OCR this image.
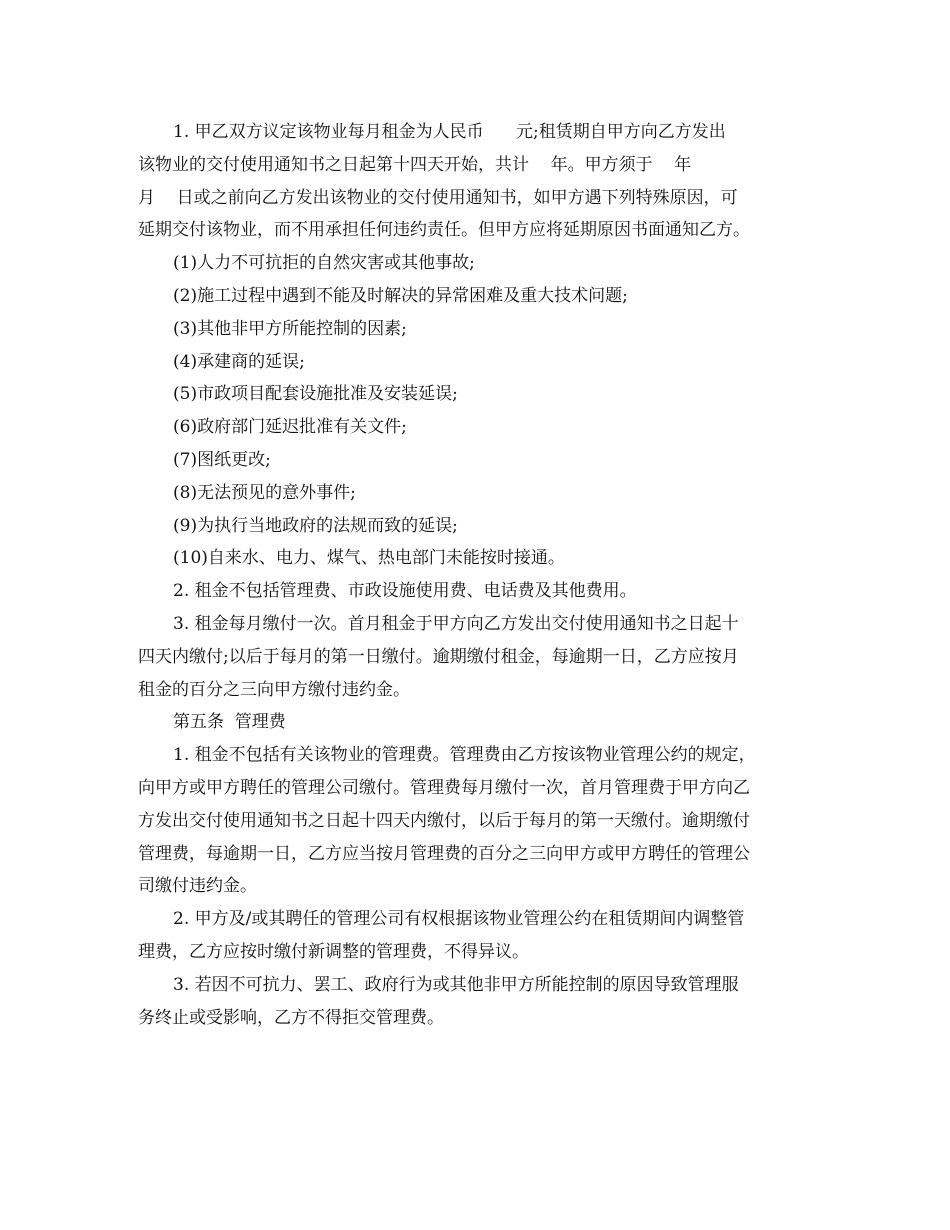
1. 甲乙双方议定该物业每月租金为人民币      元;租赁期自甲方向乙方发出
该物业的交付使用通知书之日起第十四天开始，共计    年。甲方须于    年
月    日或之前向乙方发出该物业的交付使用通知书，如甲方遇下列特殊原因，可
延期交付该物业，而不用承担任何违约责任。但甲方应将延期原因书面通知乙方。
(1)人力不可抗拒的自然灾害或其他事故;
(2)施工过程中遇到不能及时解决的异常困难及重大技术问题;
(3)其他非甲方所能控制的因素;
(4)承建商的延误;
(5)市政项目配套设施批准及安装延误;
(6)政府部门延迟批准有关文件;
(7)图纸更改;
(8)无法预见的意外事件;
(9)为执行当地政府的法规而致的延误;
(10)自来水、电力、煤气、热电部门未能按时接通。
2. 租金不包括管理费、市政设施使用费、电话费及其他费用。
3. 租金每月缴付一次。首月租金于甲方向乙方发出交付使用通知书之日起十
四天内缴付;以后于每月的第一日缴付。逾期缴付租金，每逾期一日，乙方应按月
租金的百分之三向甲方缴付违约金。
第五条  管理费
1. 租金不包括有关该物业的管理费。管理费由乙方按该物业管理公约的规定，
向甲方或甲方聘任的管理公司缴付。管理费每月缴付一次，首月管理费于甲方向乙
方发出交付使用通知书之日起十四天内缴付，以后于每月的第一天缴付。逾期缴付
管理费，每逾期一日，乙方应当按月管理费的百分之三向甲方或甲方聘任的管理公
司缴付违约金。
2. 甲方及/或其聘任的管理公司有权根据该物业管理公约在租赁期间内调整管
理费，乙方应按时缴付新调整的管理费，不得异议。
3. 若因不可抗力、罢工、政府行为或其他非甲方所能控制的原因导致管理服
务终止或受影响，乙方不得拒交管理费。
